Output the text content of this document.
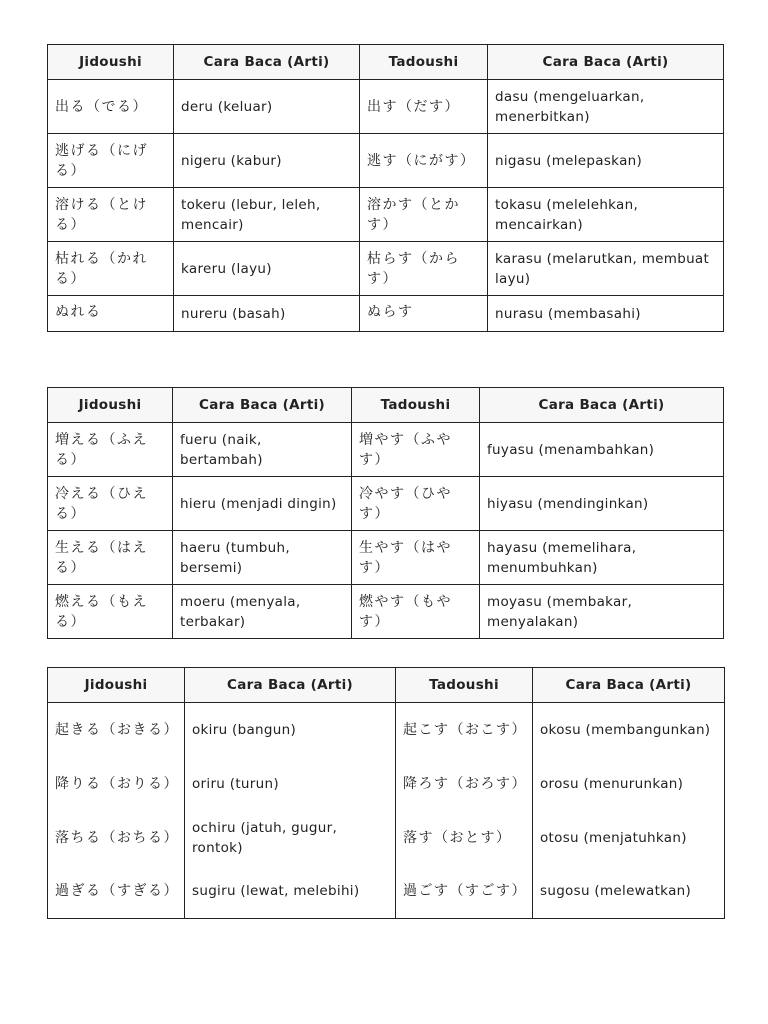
Jidoushi	Cara Baca (Arti)	Tadoushi	Cara Baca (Arti)
出る（でる）	deru (keluar)	出す（だす）	dasu (mengeluarkan, menerbitkan)
逃げる（にげる）	nigeru (kabur)	逃す（にがす）	nigasu (melepaskan)
溶ける（とける）	tokeru (lebur, leleh, mencair)	溶かす（とかす）	tokasu (melelehkan, mencairkan)
枯れる（かれる）	kareru (layu)	枯らす（からす）	karasu (melarutkan, membuat layu)
ぬれる	nureru (basah)	ぬらす	nurasu (membasahi)
Jidoushi	Cara Baca (Arti)	Tadoushi	Cara Baca (Arti)
増える（ふえる）	fueru (naik, bertambah)	増やす（ふやす）	fuyasu (menambahkan)
冷える（ひえる）	hieru (menjadi dingin)	冷やす（ひやす）	hiyasu (mendinginkan)
生える（はえる）	haeru (tumbuh, bersemi)	生やす（はやす）	hayasu (memelihara, menumbuhkan)
燃える（もえる）	moeru (menyala, terbakar)	燃やす（もやす）	moyasu (membakar, menyalakan)
Jidoushi	Cara Baca (Arti)	Tadoushi	Cara Baca (Arti)
起きる（おきる）	okiru (bangun)	起こす（おこす）	okosu (membangunkan)
降りる（おりる）	oriru (turun)	降ろす（おろす）	orosu (menurunkan)
落ちる（おちる）	ochiru (jatuh, gugur, rontok)	落す（おとす）	otosu (menjatuhkan)
過ぎる（すぎる）	sugiru (lewat, melebihi)	過ごす（すごす）	sugosu (melewatkan)
